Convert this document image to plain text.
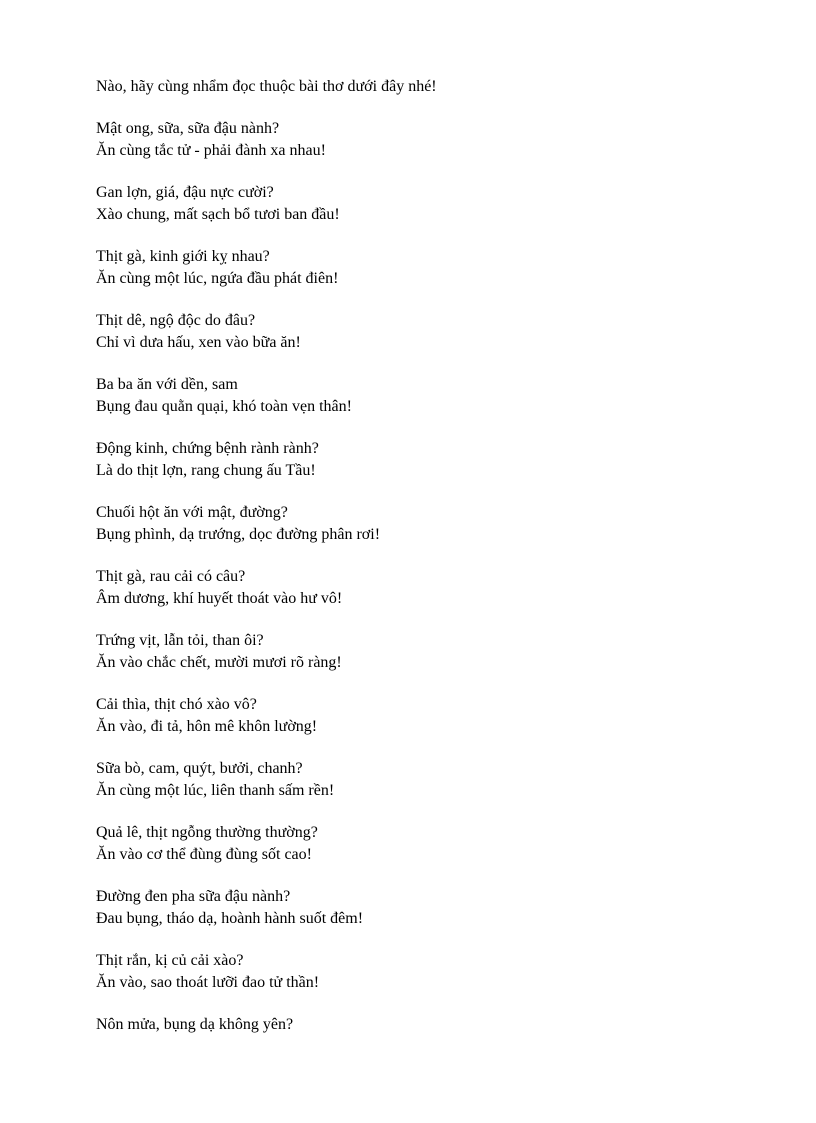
Nào, hãy cùng nhẩm đọc thuộc bài thơ dưới đây nhé!

Mật ong, sữa, sữa đậu nành?
Ăn cùng tắc tử - phải đành xa nhau!
Gan lợn, giá, đậu nực cười?
Xào chung, mất sạch bổ tươi ban đầu!
Thịt gà, kinh giới kỵ nhau?
Ăn cùng một lúc, ngứa đầu phát điên!
Thịt dê, ngộ độc do đâu?
Chỉ vì dưa hấu, xen vào bữa ăn!
Ba ba ăn với dền, sam
Bụng đau quằn quại, khó toàn vẹn thân!
Động kinh, chứng bệnh rành rành?
Là do thịt lợn, rang chung ấu Tầu!
Chuối hột ăn với mật, đường?
Bụng phình, dạ trướng, dọc đường phân rơi!
Thịt gà, rau cải có câu?
Âm dương, khí huyết thoát vào hư vô!
Trứng vịt, lẫn tỏi, than ôi?
Ăn vào chắc chết, mười mươi rõ ràng!
Cải thìa, thịt chó xào vô?
Ăn vào, đi tả, hôn mê khôn lường!
Sữa bò, cam, quýt, bưởi, chanh?
Ăn cùng một lúc, liên thanh sấm rền!
Quả lê, thịt ngỗng thường thường?
Ăn vào cơ thể đùng đùng sốt cao!
Đường đen pha sữa đậu nành?
Đau bụng, tháo dạ, hoành hành suốt đêm!
Thịt rắn, kị củ cải xào?
Ăn vào, sao thoát lưỡi đao tử thần!
Nôn mửa, bụng dạ không yên?
